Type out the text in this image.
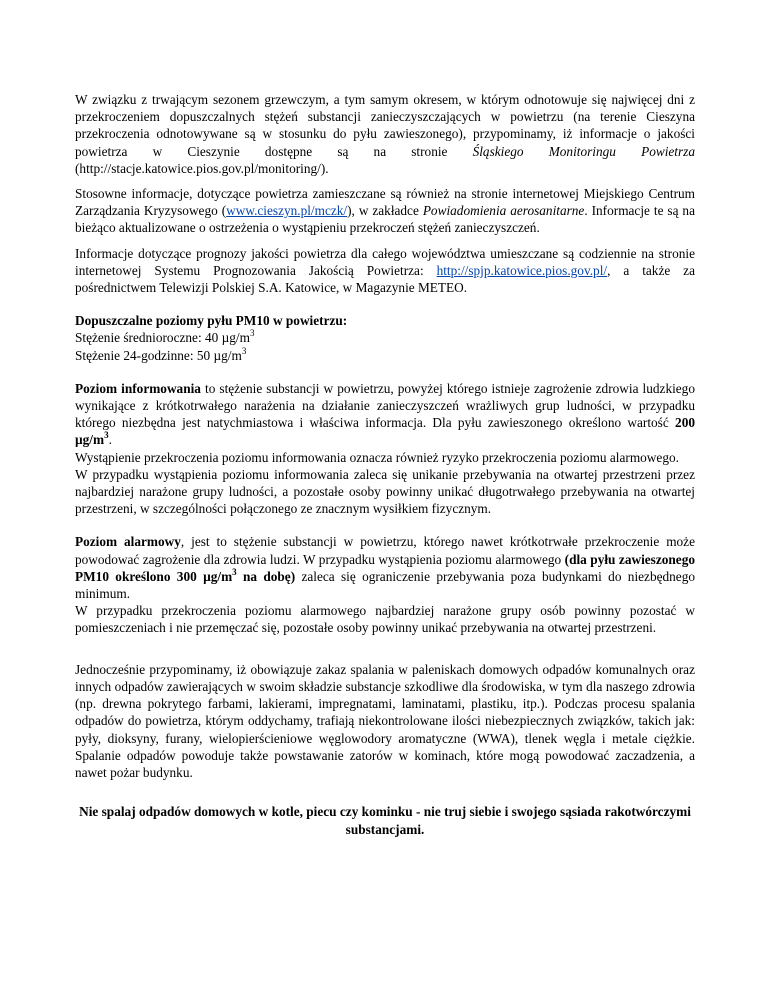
W związku z trwającym sezonem grzewczym, a tym samym okresem, w którym odnotowuje się najwięcej dni z przekroczeniem dopuszczalnych stężeń substancji zanieczyszczających w powietrzu (na terenie Cieszyna przekroczenia odnotowywane są w stosunku do pyłu zawieszonego), przypominamy, iż informacje o jakości powietrza w Cieszynie dostępne są na stronie Śląskiego Monitoringu Powietrza (http://stacje.katowice.pios.gov.pl/monitoring/).

Stosowne informacje, dotyczące powietrza zamieszczane są również na stronie internetowej Miejskiego Centrum Zarządzania Kryzysowego (www.cieszyn.pl/mczk/), w zakładce Powiadomienia aerosanitarne. Informacje te są na bieżąco aktualizowane o ostrzeżenia o wystąpieniu przekroczeń stężeń zanieczyszczeń.

Informacje dotyczące prognozy jakości powietrza dla całego województwa umieszczane są codziennie na stronie internetowej Systemu Prognozowania Jakością Powietrza: http://spjp.katowice.pios.gov.pl/, a także za pośrednictwem Telewizji Polskiej S.A. Katowice, w Magazynie METEO.

Dopuszczalne poziomy pyłu PM10 w powietrzu:
Stężenie średnioroczne: 40 $\mu g/m^3$
Stężenie 24-godzinne: 50 $\mu g/m^3$

Poziom informowania to stężenie substancji w powietrzu, powyżej którego istnieje zagrożenie zdrowia ludzkiego wynikające z krótkotrwałego narażenia na działanie zanieczyszczeń wrażliwych grup ludności, w przypadku którego niezbędna jest natychmiastowa i właściwa informacja. Dla pyłu zawieszonego określono wartość 200 $\mu g/m^3$.
Wystąpienie przekroczenia poziomu informowania oznacza również ryzyko przekroczenia poziomu alarmowego.
W przypadku wystąpienia poziomu informowania zaleca się unikanie przebywania na otwartej przestrzeni przez najbardziej narażone grupy ludności, a pozostałe osoby powinny unikać długotrwałego przebywania na otwartej przestrzeni, w szczególności połączonego ze znacznym wysiłkiem fizycznym.

Poziom alarmowy, jest to stężenie substancji w powietrzu, którego nawet krótkotrwałe przekroczenie może powodować zagrożenie dla zdrowia ludzi. W przypadku wystąpienia poziomu alarmowego (dla pyłu zawieszonego PM10 określono 300 $\mu g/m^3$ na dobę) zaleca się ograniczenie przebywania poza budynkami do niezbędnego minimum.
W przypadku przekroczenia poziomu alarmowego najbardziej narażone grupy osób powinny pozostać w pomieszczeniach i nie przemęczać się, pozostałe osoby powinny unikać przebywania na otwartej przestrzeni.

Jednocześnie przypominamy, iż obowiązuje zakaz spalania w paleniskach domowych odpadów komunalnych oraz innych odpadów zawierających w swoim składzie substancje szkodliwe dla środowiska, w tym dla naszego zdrowia (np. drewna pokrytego farbami, lakierami, impregnatami, laminatami, plastiku, itp.). Podczas procesu spalania odpadów do powietrza, którym oddychamy, trafiają niekontrolowane ilości niebezpiecznych związków, takich jak: pyły, dioksyny, furany, wielopierścieniowe węglowodory aromatyczne (WWA), tlenek węgla i metale ciężkie. Spalanie odpadów powoduje także powstawanie zatorów w kominach, które mogą powodować zaczadzenia, a nawet pożar budynku.

Nie spalaj odpadów domowych w kotle, piecu czy kominku - nie truj siebie i swojego sąsiada rakotwórczymi substancjami.
